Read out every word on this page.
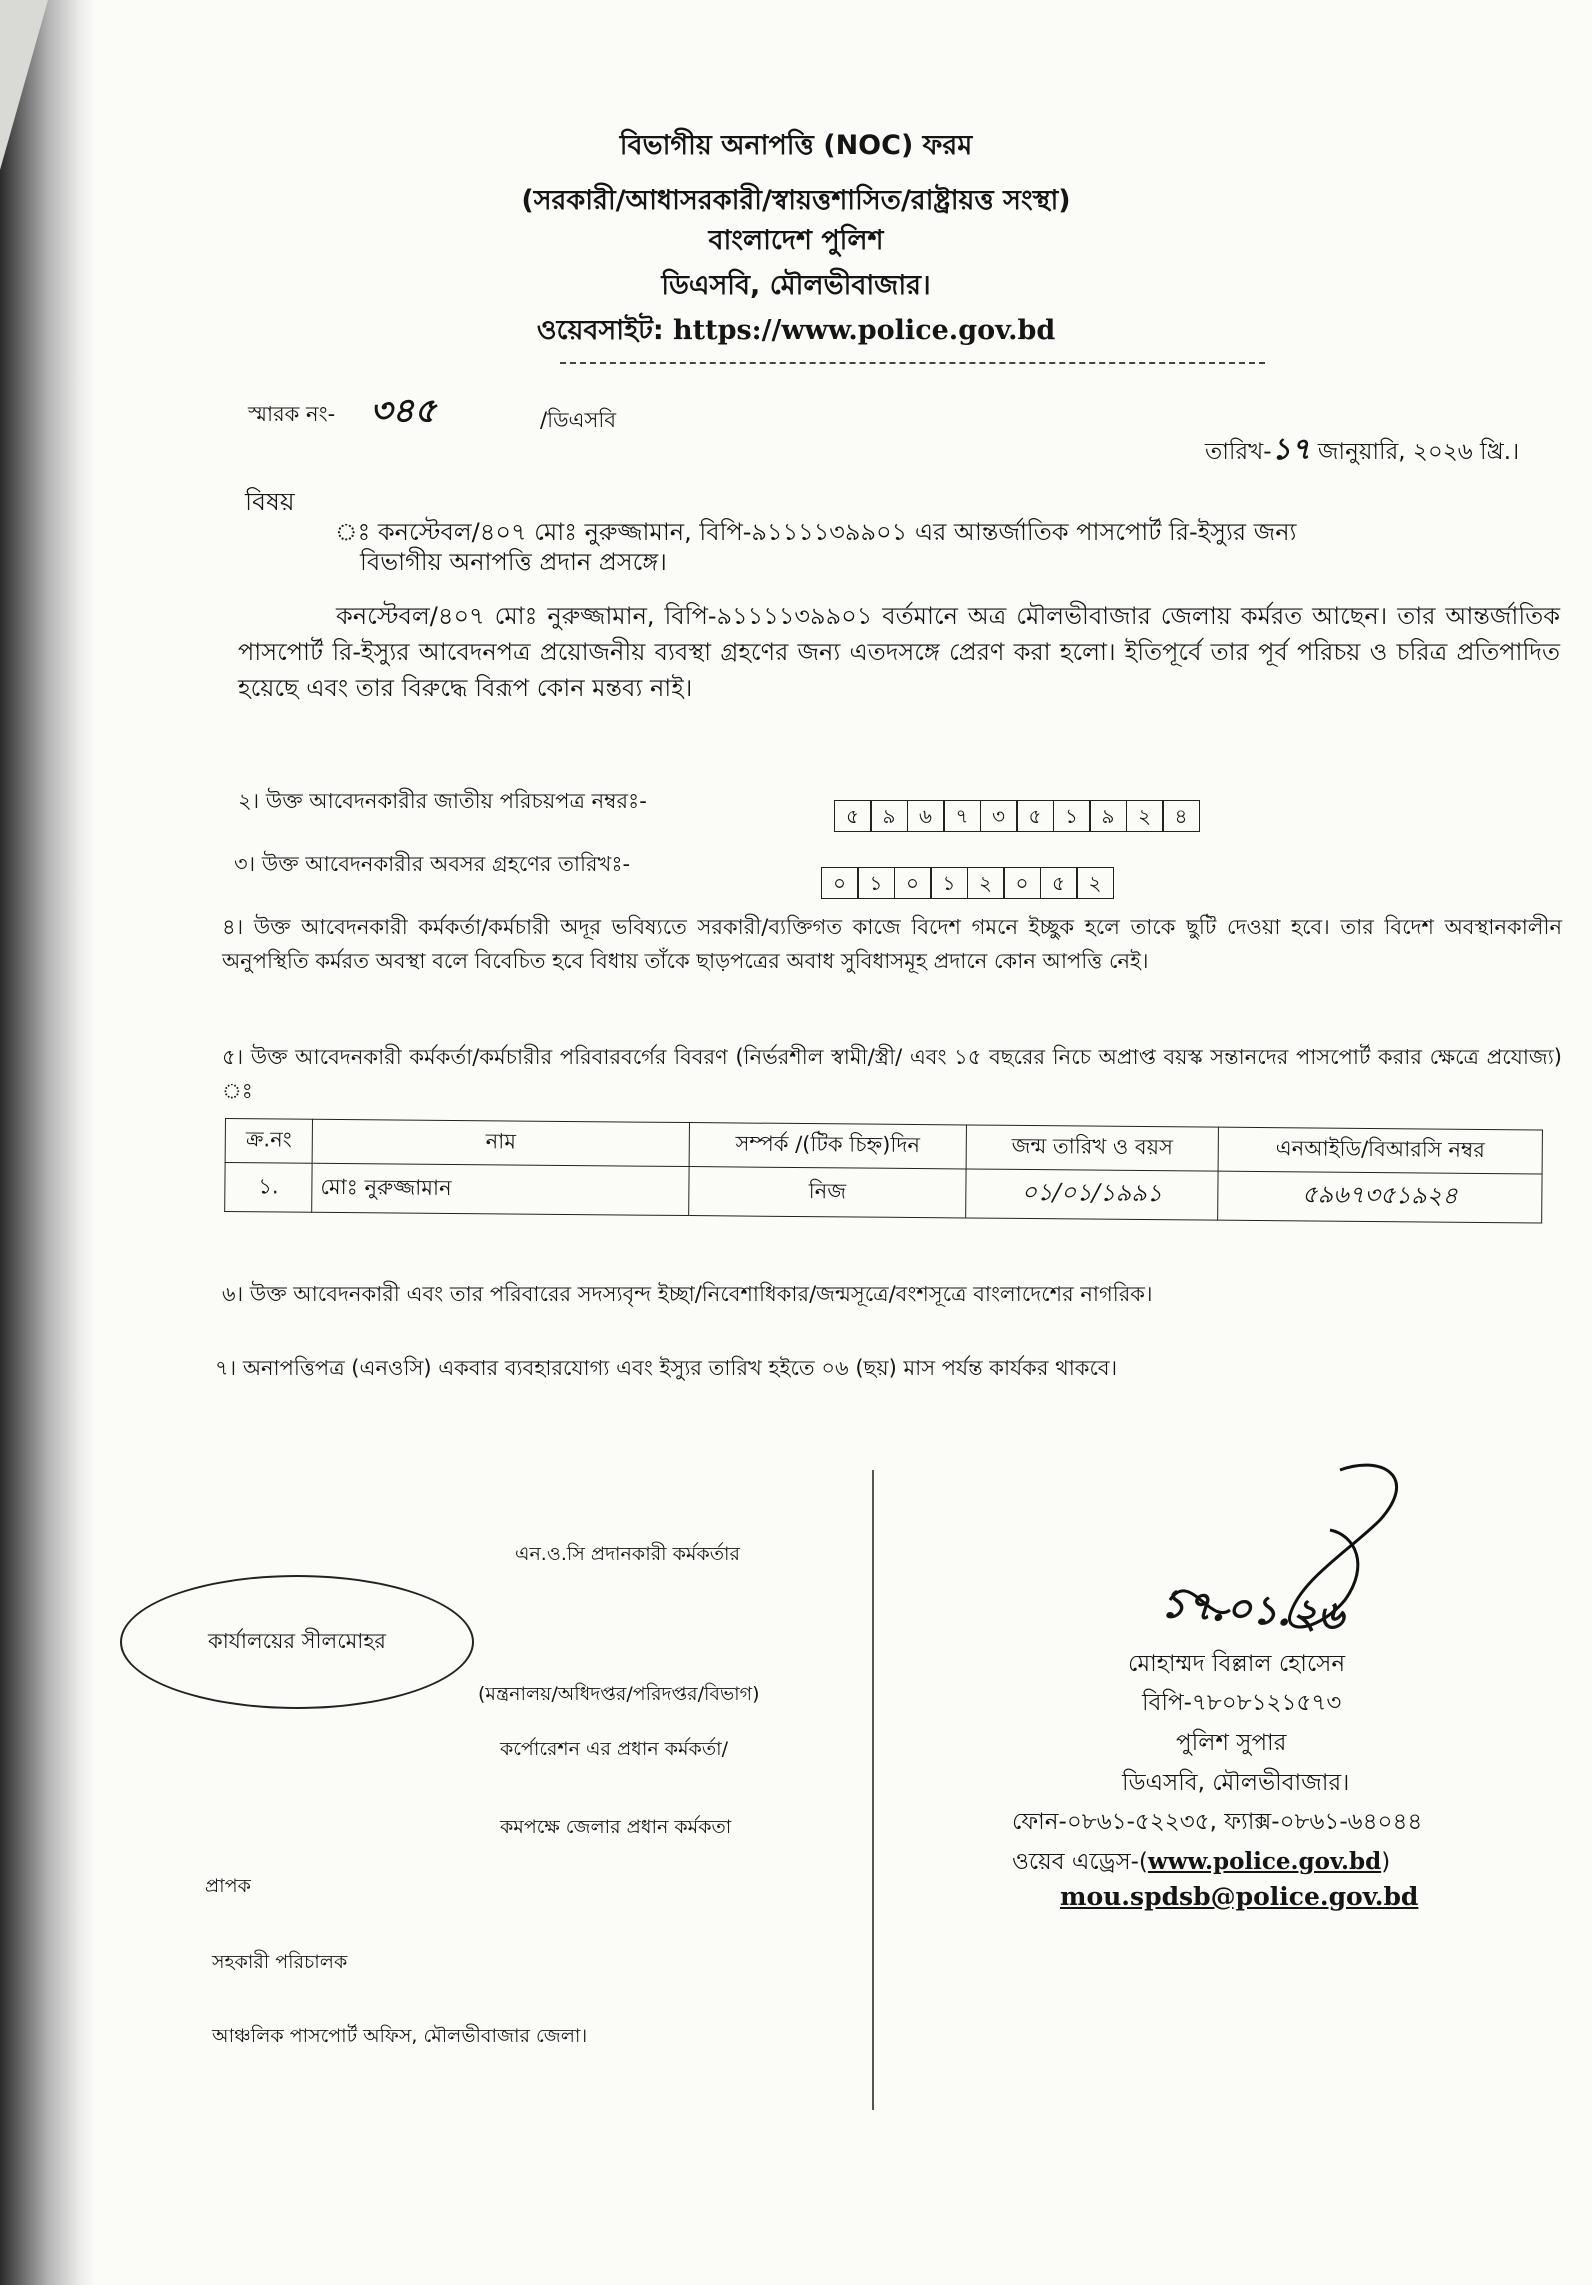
বিভাগীয় অনাপত্তি (NOC) ফরম
(সরকারী/আধাসরকারী/স্বায়ত্তশাসিত/রাষ্ট্রায়ত্ত সংস্থা)
বাংলাদেশ পুলিশ
ডিএসবি, মৌলভীবাজার।
ওয়েবসাইট: https://www.police.gov.bd
স্মারক নং- ৩৪৫	/ডিএসবি
তারিখ-১৭ জানুয়ারি, ২০২৬ খ্রি.।
বিষয়
ঃ কনস্টেবল/৪০৭ মোঃ নুরুজ্জামান, বিপি-৯১১১১৩৯৯০১ এর আন্তর্জাতিক পাসপোর্ট রি-ইস্যুর জন্য
বিভাগীয় অনাপত্তি প্রদান প্রসঙ্গে।
কনস্টেবল/৪০৭ মোঃ নুরুজ্জামান, বিপি-৯১১১১৩৯৯০১ বর্তমানে অত্র মৌলভীবাজার জেলায় কর্মরত আছেন। তার আন্তর্জাতিক পাসপোর্ট রি-ইস্যুর আবেদনপত্র প্রয়োজনীয় ব্যবস্থা গ্রহণের জন্য এতদসঙ্গে প্রেরণ করা হলো। ইতিপূর্বে তার পূর্ব পরিচয় ও চরিত্র প্রতিপাদিত হয়েছে এবং তার বিরুদ্ধে বিরূপ কোন মন্তব্য নাই।
২। উক্ত আবেদনকারীর জাতীয় পরিচয়পত্র নম্বরঃ-
৫	৯	৬	৭	৩	৫	১	৯	২	৪
৩। উক্ত আবেদনকারীর অবসর গ্রহণের তারিখঃ-
০	১	০	১	২	০	৫	২
৪। উক্ত আবেদনকারী কর্মকর্তা/কর্মচারী অদূর ভবিষ্যতে সরকারী/ব্যক্তিগত কাজে বিদেশ গমনে ইচ্ছুক হলে তাকে ছুটি দেওয়া হবে। তার বিদেশ অবস্থানকালীন অনুপস্থিতি কর্মরত অবস্থা বলে বিবেচিত হবে বিধায় তাঁকে ছাড়পত্রের অবাধ সুবিধাসমূহ প্রদানে কোন আপত্তি নেই।
৫। উক্ত আবেদনকারী কর্মকর্তা/কর্মচারীর পরিবারবর্গের বিবরণ (নির্ভরশীল স্বামী/স্ত্রী/ এবং ১৫ বছরের নিচে অপ্রাপ্ত বয়স্ক সন্তানদের পাসপোর্ট করার ক্ষেত্রে প্রযোজ্য) ঃ
ক্র.নং	নাম	সম্পর্ক /(টিক চিহ্ন)দিন	জন্ম তারিখ ও বয়স	এনআইডি/বিআরসি নম্বর
১.	মোঃ নুরুজ্জামান	নিজ	০১/০১/১৯৯১	৫৯৬৭৩৫১৯২৪
৬। উক্ত আবেদনকারী এবং তার পরিবারের সদস্যবৃন্দ ইচ্ছা/নিবেশাধিকার/জন্মসূত্রে/বংশসূত্রে বাংলাদেশের নাগরিক।
৭। অনাপত্তিপত্র (এনওসি) একবার ব্যবহারযোগ্য এবং ইস্যুর তারিখ হইতে ০৬ (ছয়) মাস পর্যন্ত কার্যকর থাকবে।
এন.ও.সি প্রদানকারী কর্মকর্তার
কার্যালয়ের সীলমোহর
(মন্ত্রনালয়/অধিদপ্তর/পরিদপ্তর/বিভাগ)
কর্পোরেশন এর প্রধান কর্মকর্তা/
কমপক্ষে জেলার প্রধান কর্মকতা
প্রাপক
সহকারী পরিচালক
আঞ্চলিক পাসপোর্ট অফিস, মৌলভীবাজার জেলা।
১৭.০১.২৬
মোহাম্মদ বিল্লাল হোসেন
বিপি-৭৮০৮১২১৫৭৩
পুলিশ সুপার
ডিএসবি, মৌলভীবাজার।
ফোন-০৮৬১-৫২২৩৫, ফ্যাক্স-০৮৬১-৬৪০৪৪
ওয়েব এড্রেস-(www.police.gov.bd)
mou.spdsb@police.gov.bd
